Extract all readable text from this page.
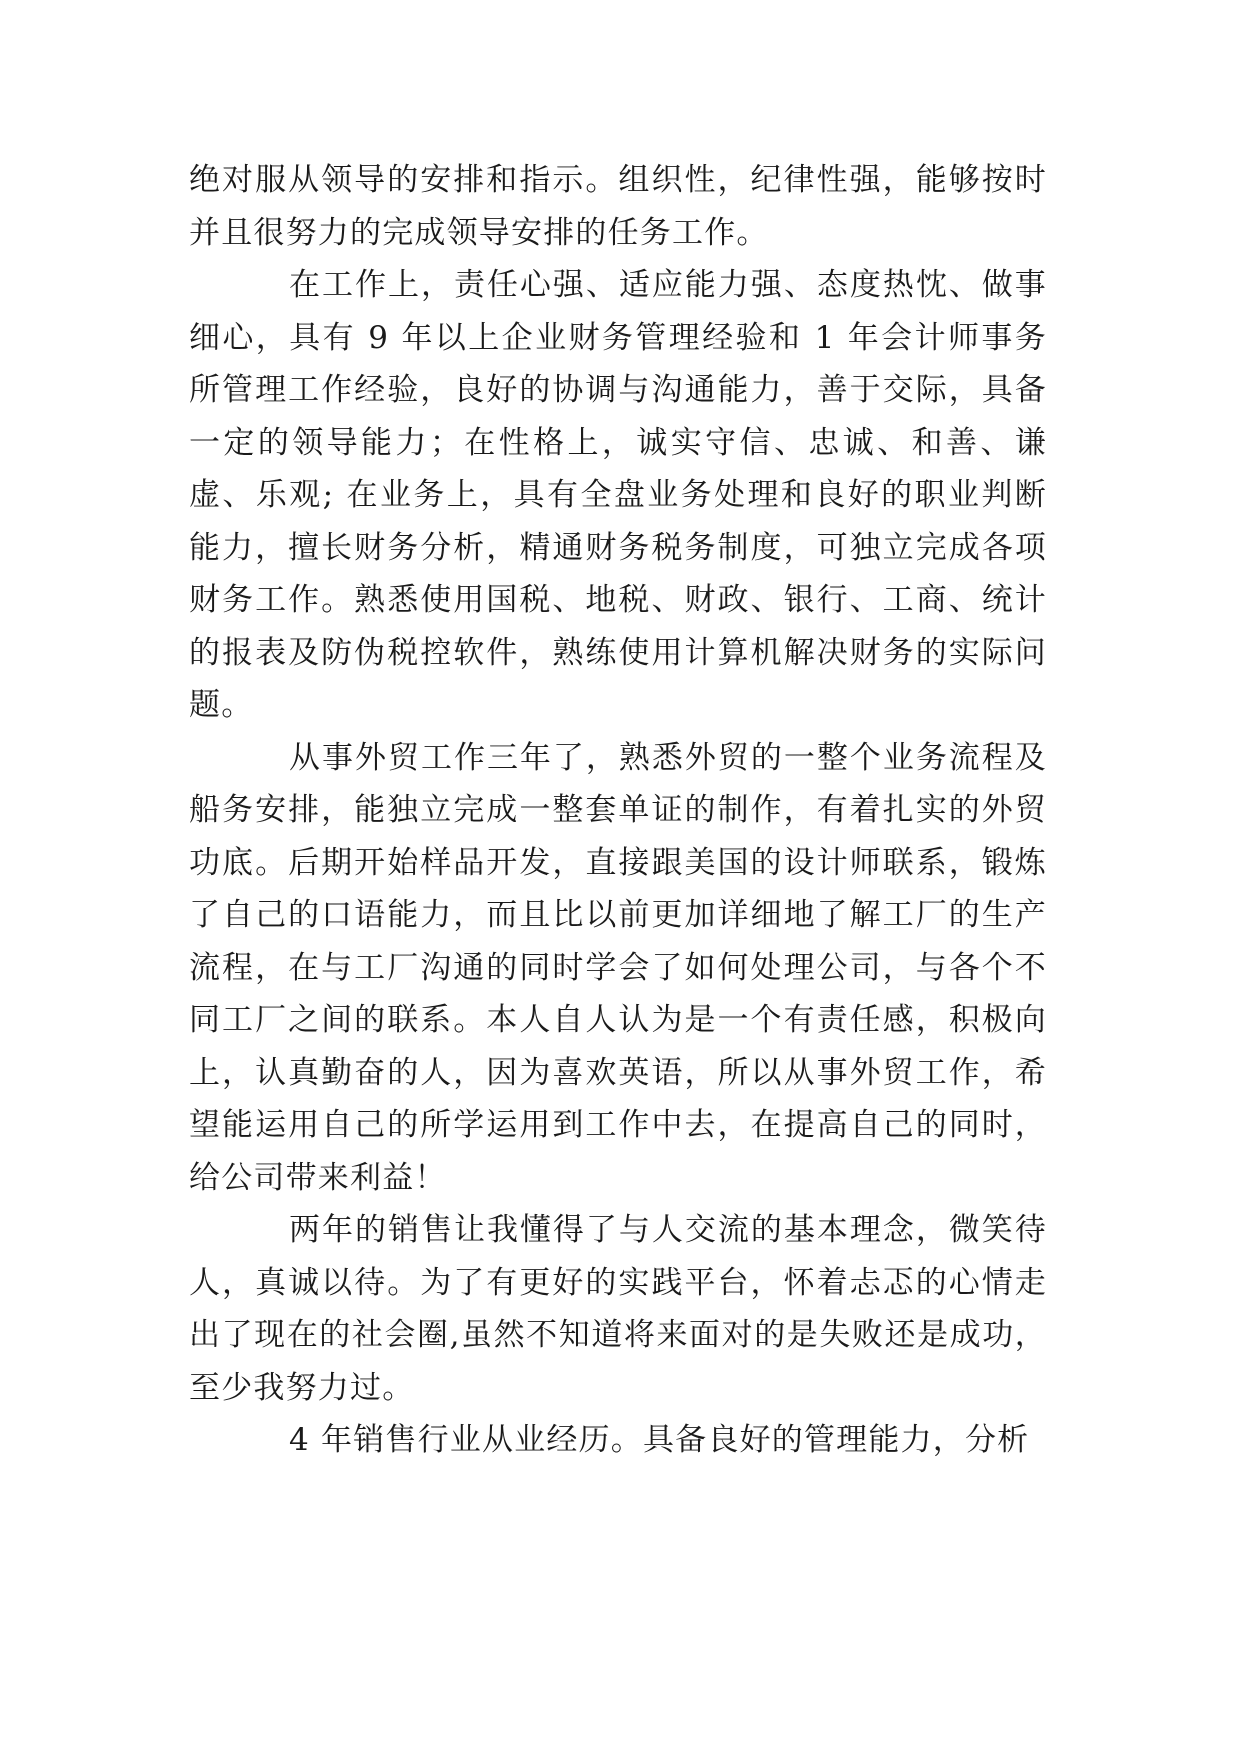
绝对服从领导的安排和指示。组织性，纪律性强，能够按时并且很努力的完成领导安排的任务工作。

在工作上，责任心强、适应能力强、态度热忱、做事细心，具有 9 年以上企业财务管理经验和 1 年会计师事务所管理工作经验，良好的协调与沟通能力，善于交际，具备一定的领导能力；在性格上，诚实守信、忠诚、和善、谦虚、乐观; 在业务上，具有全盘业务处理和良好的职业判断能力，擅长财务分析，精通财务税务制度，可独立完成各项财务工作。熟悉使用国税、地税、财政、银行、工商、统计的报表及防伪税控软件，熟练使用计算机解决财务的实际问题。

从事外贸工作三年了，熟悉外贸的一整个业务流程及船务安排，能独立完成一整套单证的制作，有着扎实的外贸功底。后期开始样品开发，直接跟美国的设计师联系，锻炼了自己的口语能力，而且比以前更加详细地了解工厂的生产流程，在与工厂沟通的同时学会了如何处理公司，与各个不同工厂之间的联系。本人自人认为是一个有责任感，积极向上，认真勤奋的人，因为喜欢英语，所以从事外贸工作，希望能运用自己的所学运用到工作中去，在提高自己的同时，给公司带来利益！

两年的销售让我懂得了与人交流的基本理念，微笑待人，真诚以待。为了有更好的实践平台，怀着忐忑的心情走出了现在的社会圈,虽然不知道将来面对的是失败还是成功，至少我努力过。

4 年销售行业从业经历。具备良好的管理能力，分析
